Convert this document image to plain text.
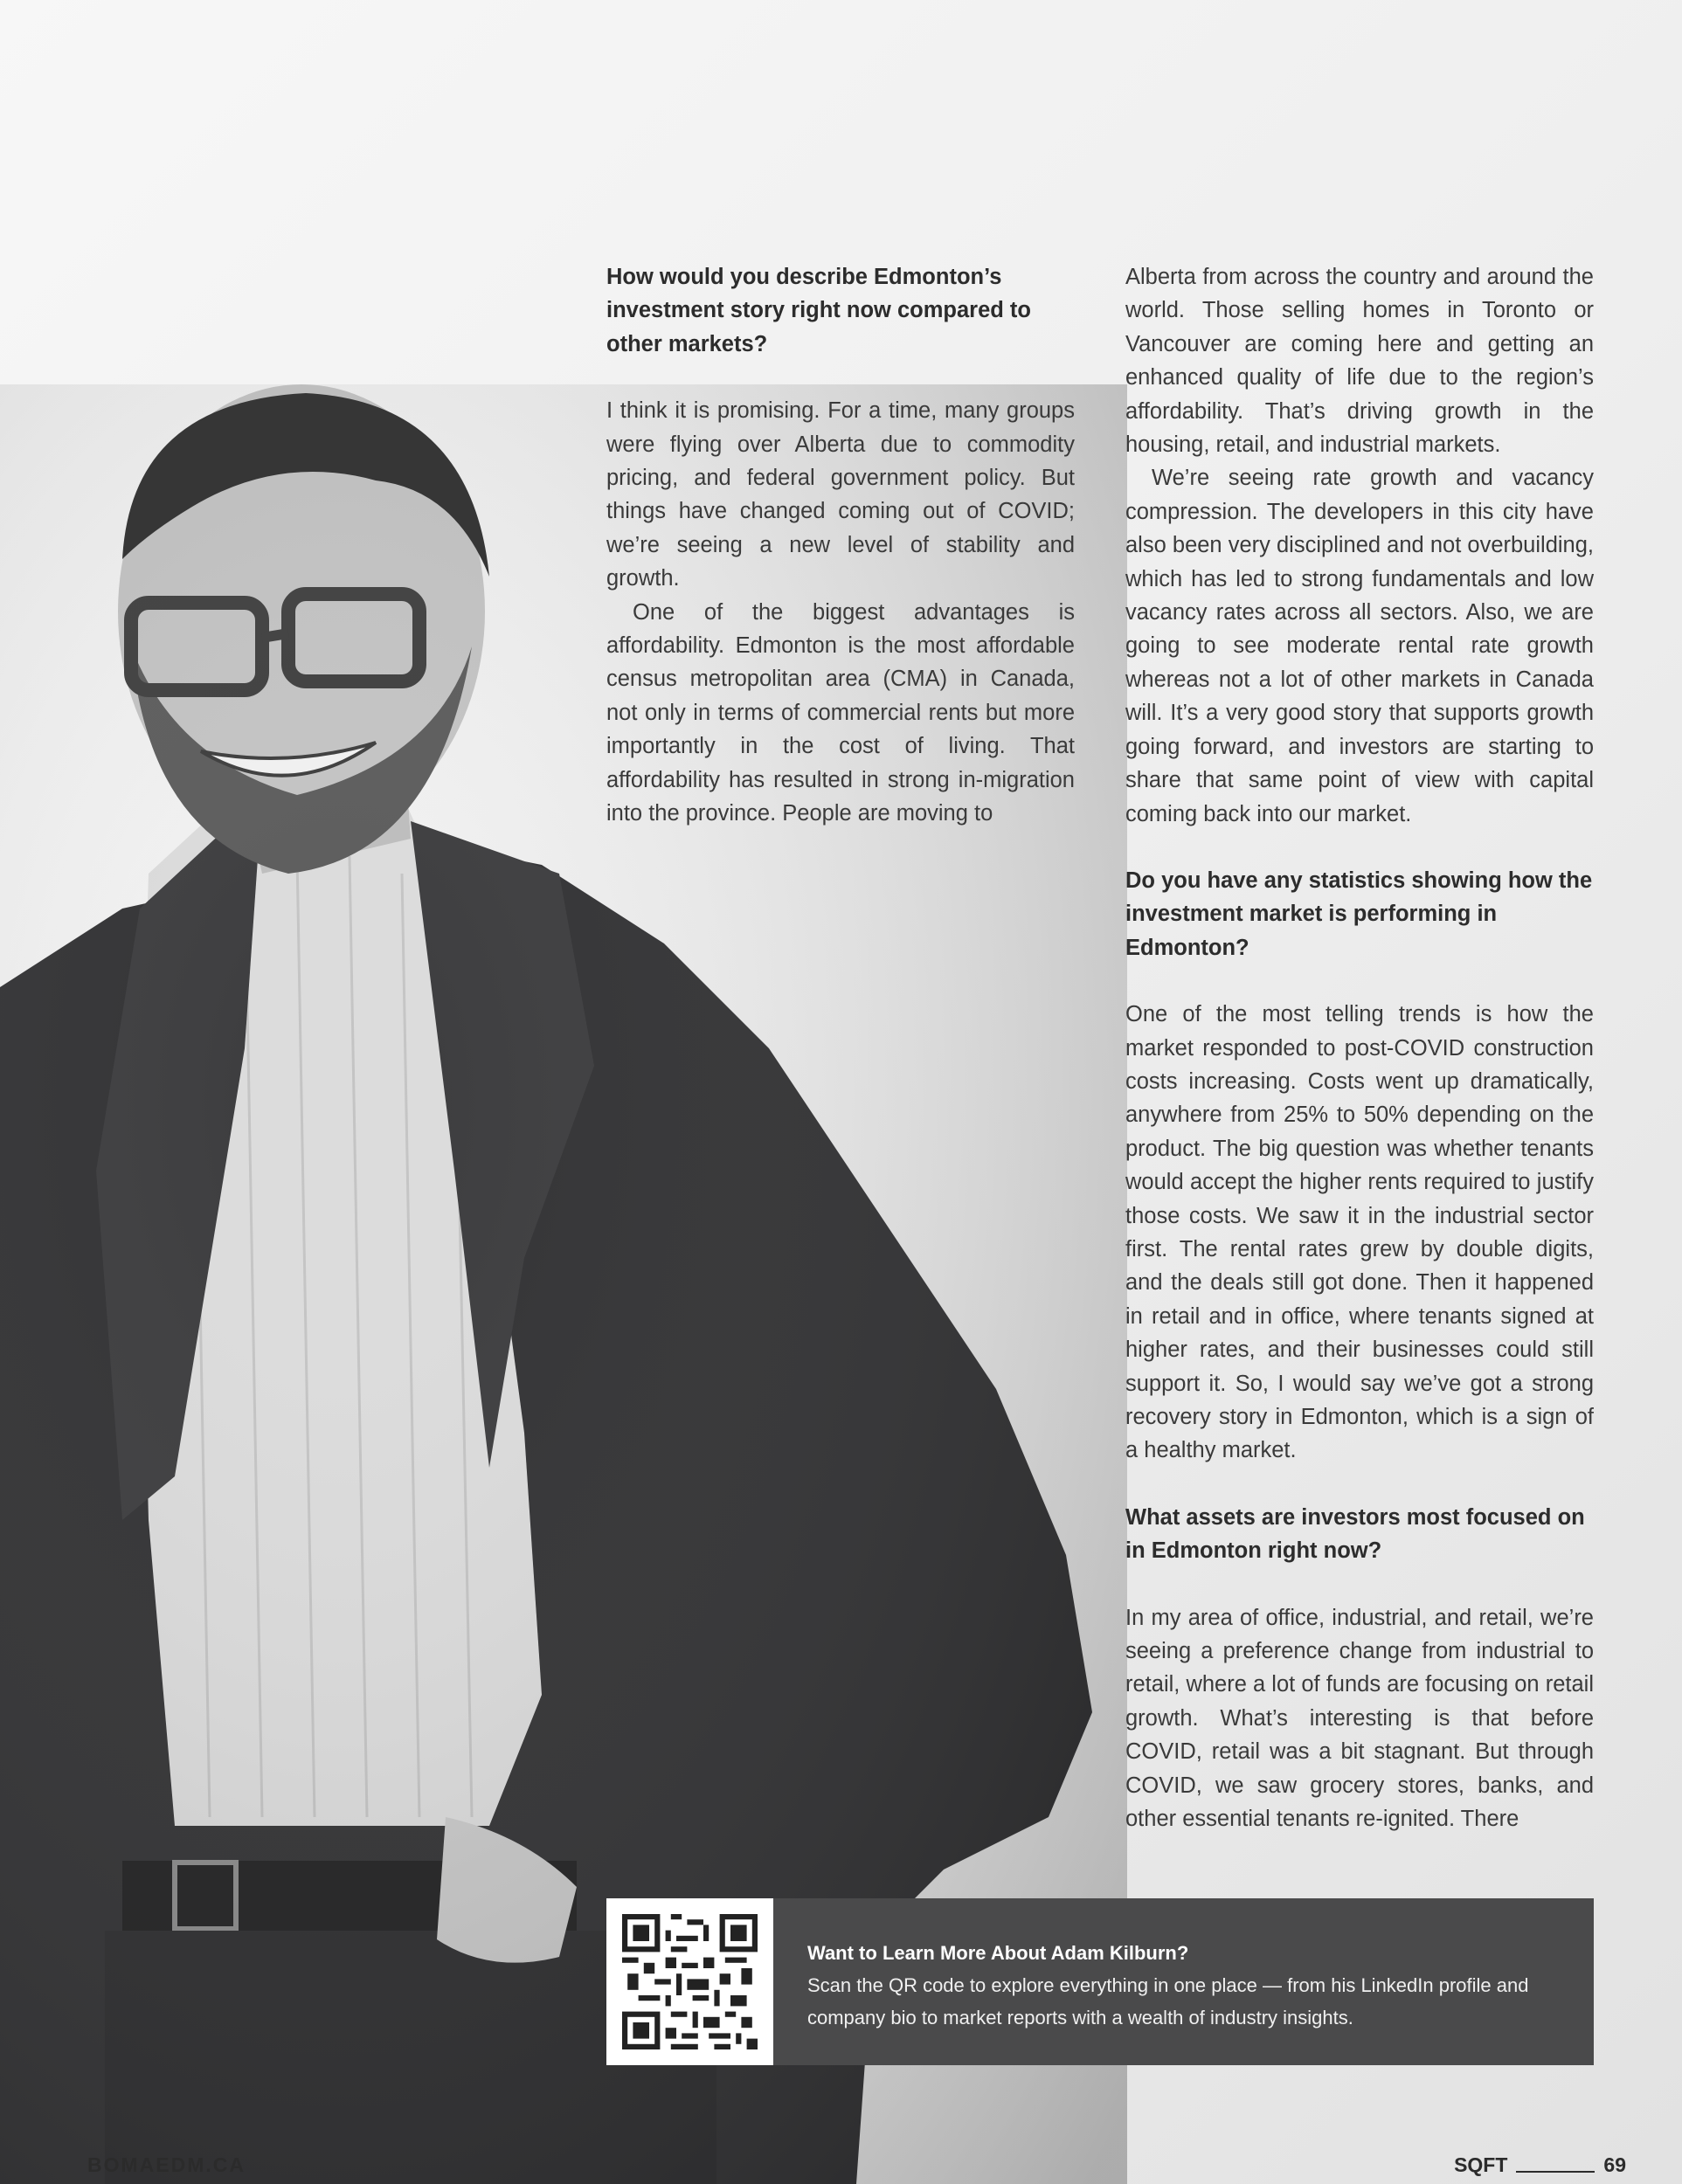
How would you describe Edmonton’s investment story right now compared to other markets?

I think it is promising. For a time, many groups were flying over Alberta due to commodity pricing, and federal government policy. But things have changed coming out of COVID; we’re seeing a new level of stability and growth.

One of the biggest advantages is affordability. Edmonton is the most affordable census metropolitan area (CMA) in Canada, not only in terms of commercial rents but more importantly in the cost of living. That affordability has resulted in strong in-migration into the province. People are moving to

Alberta from across the country and around the world. Those selling homes in Toronto or Vancouver are coming here and getting an enhanced quality of life due to the region’s affordability. That’s driving growth in the housing, retail, and industrial markets.

We’re seeing rate growth and vacancy compression. The developers in this city have also been very disciplined and not overbuilding, which has led to strong fundamentals and low vacancy rates across all sectors. Also, we are going to see moderate rental rate growth whereas not a lot of other markets in Canada will. It’s a very good story that supports growth going forward, and investors are starting to share that same point of view with capital coming back into our market.

Do you have any statistics showing how the investment market is performing in Edmonton?

One of the most telling trends is how the market responded to post-COVID construction costs increasing. Costs went up dramatically, anywhere from 25% to 50% depending on the product. The big question was whether tenants would accept the higher rents required to justify those costs. We saw it in the industrial sector first. The rental rates grew by double digits, and the deals still got done. Then it happened in retail and in office, where tenants signed at higher rates, and their businesses could still support it. So, I would say we’ve got a strong recovery story in Edmonton, which is a sign of a healthy market.

What assets are investors most focused on in Edmonton right now?

In my area of office, industrial, and retail, we’re seeing a preference change from industrial to retail, where a lot of funds are focusing on retail growth. What’s interesting is that before COVID, retail was a bit stagnant. But through COVID, we saw grocery stores, banks, and other essential tenants re-ignited. There

Want to Learn More About Adam Kilburn?
Scan the QR code to explore everything in one place — from his LinkedIn profile and company bio to market reports with a wealth of industry insights.
BOMAEDM.CA	SQFT	69
